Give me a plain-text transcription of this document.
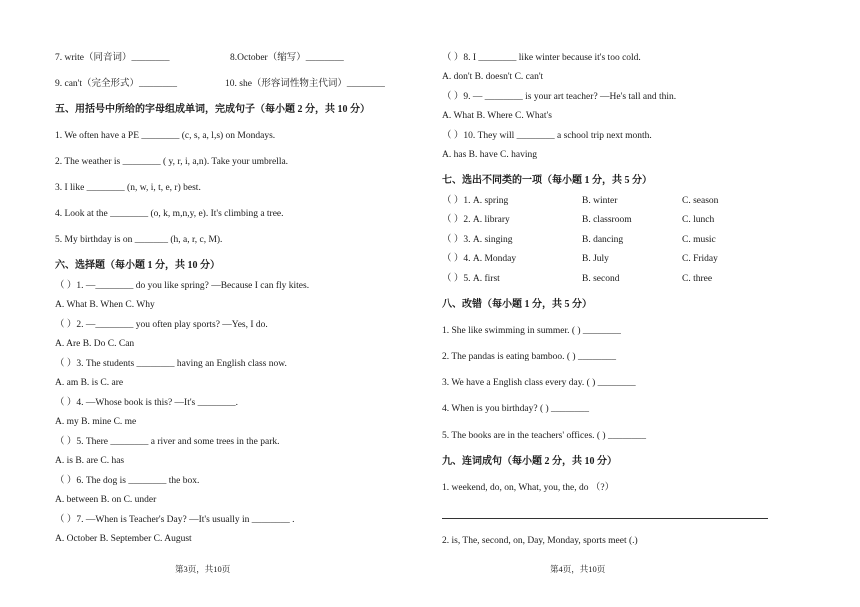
7. write（同音词）________	8.October（缩写）________
9. can't（完全形式）________	10. she（形容词性物主代词）________
五、用括号中所给的字母组成单词，完成句子（每小题 2 分，共 10 分）
1. We often have a PE ________ (c, s, a, l,s) on Mondays.
2. The weather is ________ ( y, r, i, a,n). Take your umbrella.
3. I like ________ (n, w, i, t, e, r) best.
4. Look at the ________ (o, k, m,n,y, e). It's climbing a tree.
5. My birthday is on _______ (h, a, r, c, M).
六、选择题（每小题 1 分，共 10 分）
（ ）1. —________ do you like spring? —Because I can fly kites.
A. What B. When C. Why
（ ）2. —________ you often play sports? —Yes, I do.
A. Are B. Do C. Can
（ ）3. The students ________ having an English class now.
A. am B. is C. are
（ ）4. —Whose book is this? —It's ________.
A. my B. mine C. me
（ ）5. There ________ a river and some trees in the park.
A. is B. are C. has
（ ）6. The dog is ________ the box.
A. between B. on C. under
（ ）7. —When is Teacher's Day? —It's usually in ________ .
A. October B. September C. August
第3页，共10页
（ ）8. I ________ like winter because it's too cold.
A. don't B. doesn't C. can't
（ ）9. — ________ is your art teacher? —He's tall and thin.
A. What B. Where C. What's
（ ）10. They will ________ a school trip next month.
A. has B. have C. having
七、选出不同类的一项（每小题 1 分，共 5 分）
（ ）1. A. spring	B. winter	C. season
（ ）2. A. library	B. classroom	C. lunch
（ ）3. A. singing	B. dancing	C. music
（ ）4. A. Monday	B. July	C. Friday
（ ）5. A. first	B. second	C. three
八、改错（每小题 1 分，共 5 分）
1. She like swimming in summer. ( ) ________
2. The pandas is eating bamboo. ( ) ________
3. We have a English class every day. ( ) ________
4. When is you birthday? ( ) ________
5. The books are in the teachers' offices. ( ) ________
九、连词成句（每小题 2 分，共 10 分）
1. weekend, do, on, What, you, the, do （?）
2. is, The, second, on, Day, Monday, sports meet (.)
第4页，共10页
